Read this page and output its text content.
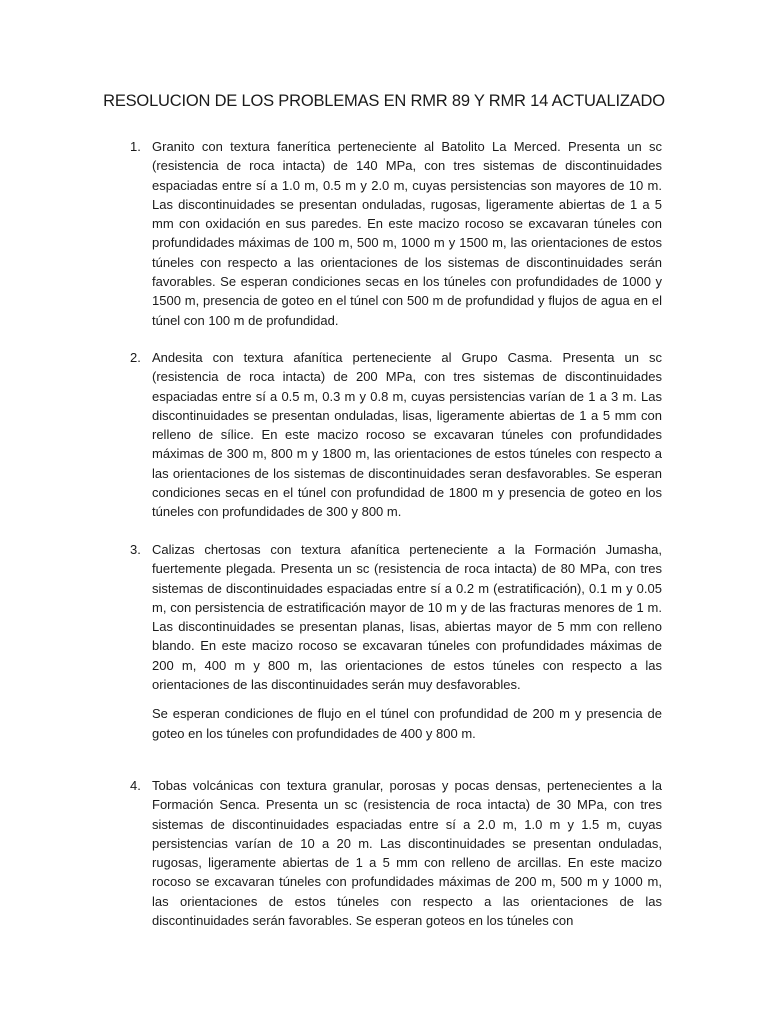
RESOLUCION DE LOS PROBLEMAS EN RMR 89 Y RMR 14 ACTUALIZADO
1. Granito con textura fanerítica perteneciente al Batolito La Merced. Presenta un sc (resistencia de roca intacta) de 140 MPa, con tres sistemas de discontinuidades espaciadas entre sí a 1.0 m, 0.5 m y 2.0 m, cuyas persistencias son mayores de 10 m. Las discontinuidades se presentan onduladas, rugosas, ligeramente abiertas de 1 a 5 mm con oxidación en sus paredes. En este macizo rocoso se excavaran túneles con profundidades máximas de 100 m, 500 m, 1000 m y 1500 m, las orientaciones de estos túneles con respecto a las orientaciones de los sistemas de discontinuidades serán favorables. Se esperan condiciones secas en los túneles con profundidades de 1000 y 1500 m, presencia de goteo en el túnel con 500 m de profundidad y flujos de agua en el túnel con 100 m de profundidad.

2. Andesita con textura afanítica perteneciente al Grupo Casma. Presenta un sc (resistencia de roca intacta) de 200 MPa, con tres sistemas de discontinuidades espaciadas entre sí a 0.5 m, 0.3 m y 0.8 m, cuyas persistencias varían de 1 a 3 m. Las discontinuidades se presentan onduladas, lisas, ligeramente abiertas de 1 a 5 mm con relleno de sílice. En este macizo rocoso se excavaran túneles con profundidades máximas de 300 m, 800 m y 1800 m, las orientaciones de estos túneles con respecto a las orientaciones de los sistemas de discontinuidades seran desfavorables. Se esperan condiciones secas en el túnel con profundidad de 1800 m y presencia de goteo en los túneles con profundidades de 300 y 800 m.

3. Calizas chertosas con textura afanítica perteneciente a la Formación Jumasha, fuertemente plegada. Presenta un sc (resistencia de roca intacta) de 80 MPa, con tres sistemas de discontinuidades espaciadas entre sí a 0.2 m (estratificación), 0.1 m y 0.05 m, con persistencia de estratificación mayor de 10 m y de las fracturas menores de 1 m. Las discontinuidades se presentan planas, lisas, abiertas mayor de 5 mm con relleno blando. En este macizo rocoso se excavaran túneles con profundidades máximas de 200 m, 400 m y 800 m, las orientaciones de estos túneles con respecto a las orientaciones de las discontinuidades serán muy desfavorables.

Se esperan condiciones de flujo en el túnel con profundidad de 200 m y presencia de goteo en los túneles con profundidades de 400 y 800 m.

4. Tobas volcánicas con textura granular, porosas y pocas densas, pertenecientes a la Formación Senca. Presenta un sc (resistencia de roca intacta) de 30 MPa, con tres sistemas de discontinuidades espaciadas entre sí a 2.0 m, 1.0 m y 1.5 m, cuyas persistencias varían de 10 a 20 m. Las discontinuidades se presentan onduladas, rugosas, ligeramente abiertas de 1 a 5 mm con relleno de arcillas. En este macizo rocoso se excavaran túneles con profundidades máximas de 200 m, 500 m y 1000 m, las orientaciones de estos túneles con respecto a las orientaciones de las discontinuidades serán favorables. Se esperan goteos en los túneles con
